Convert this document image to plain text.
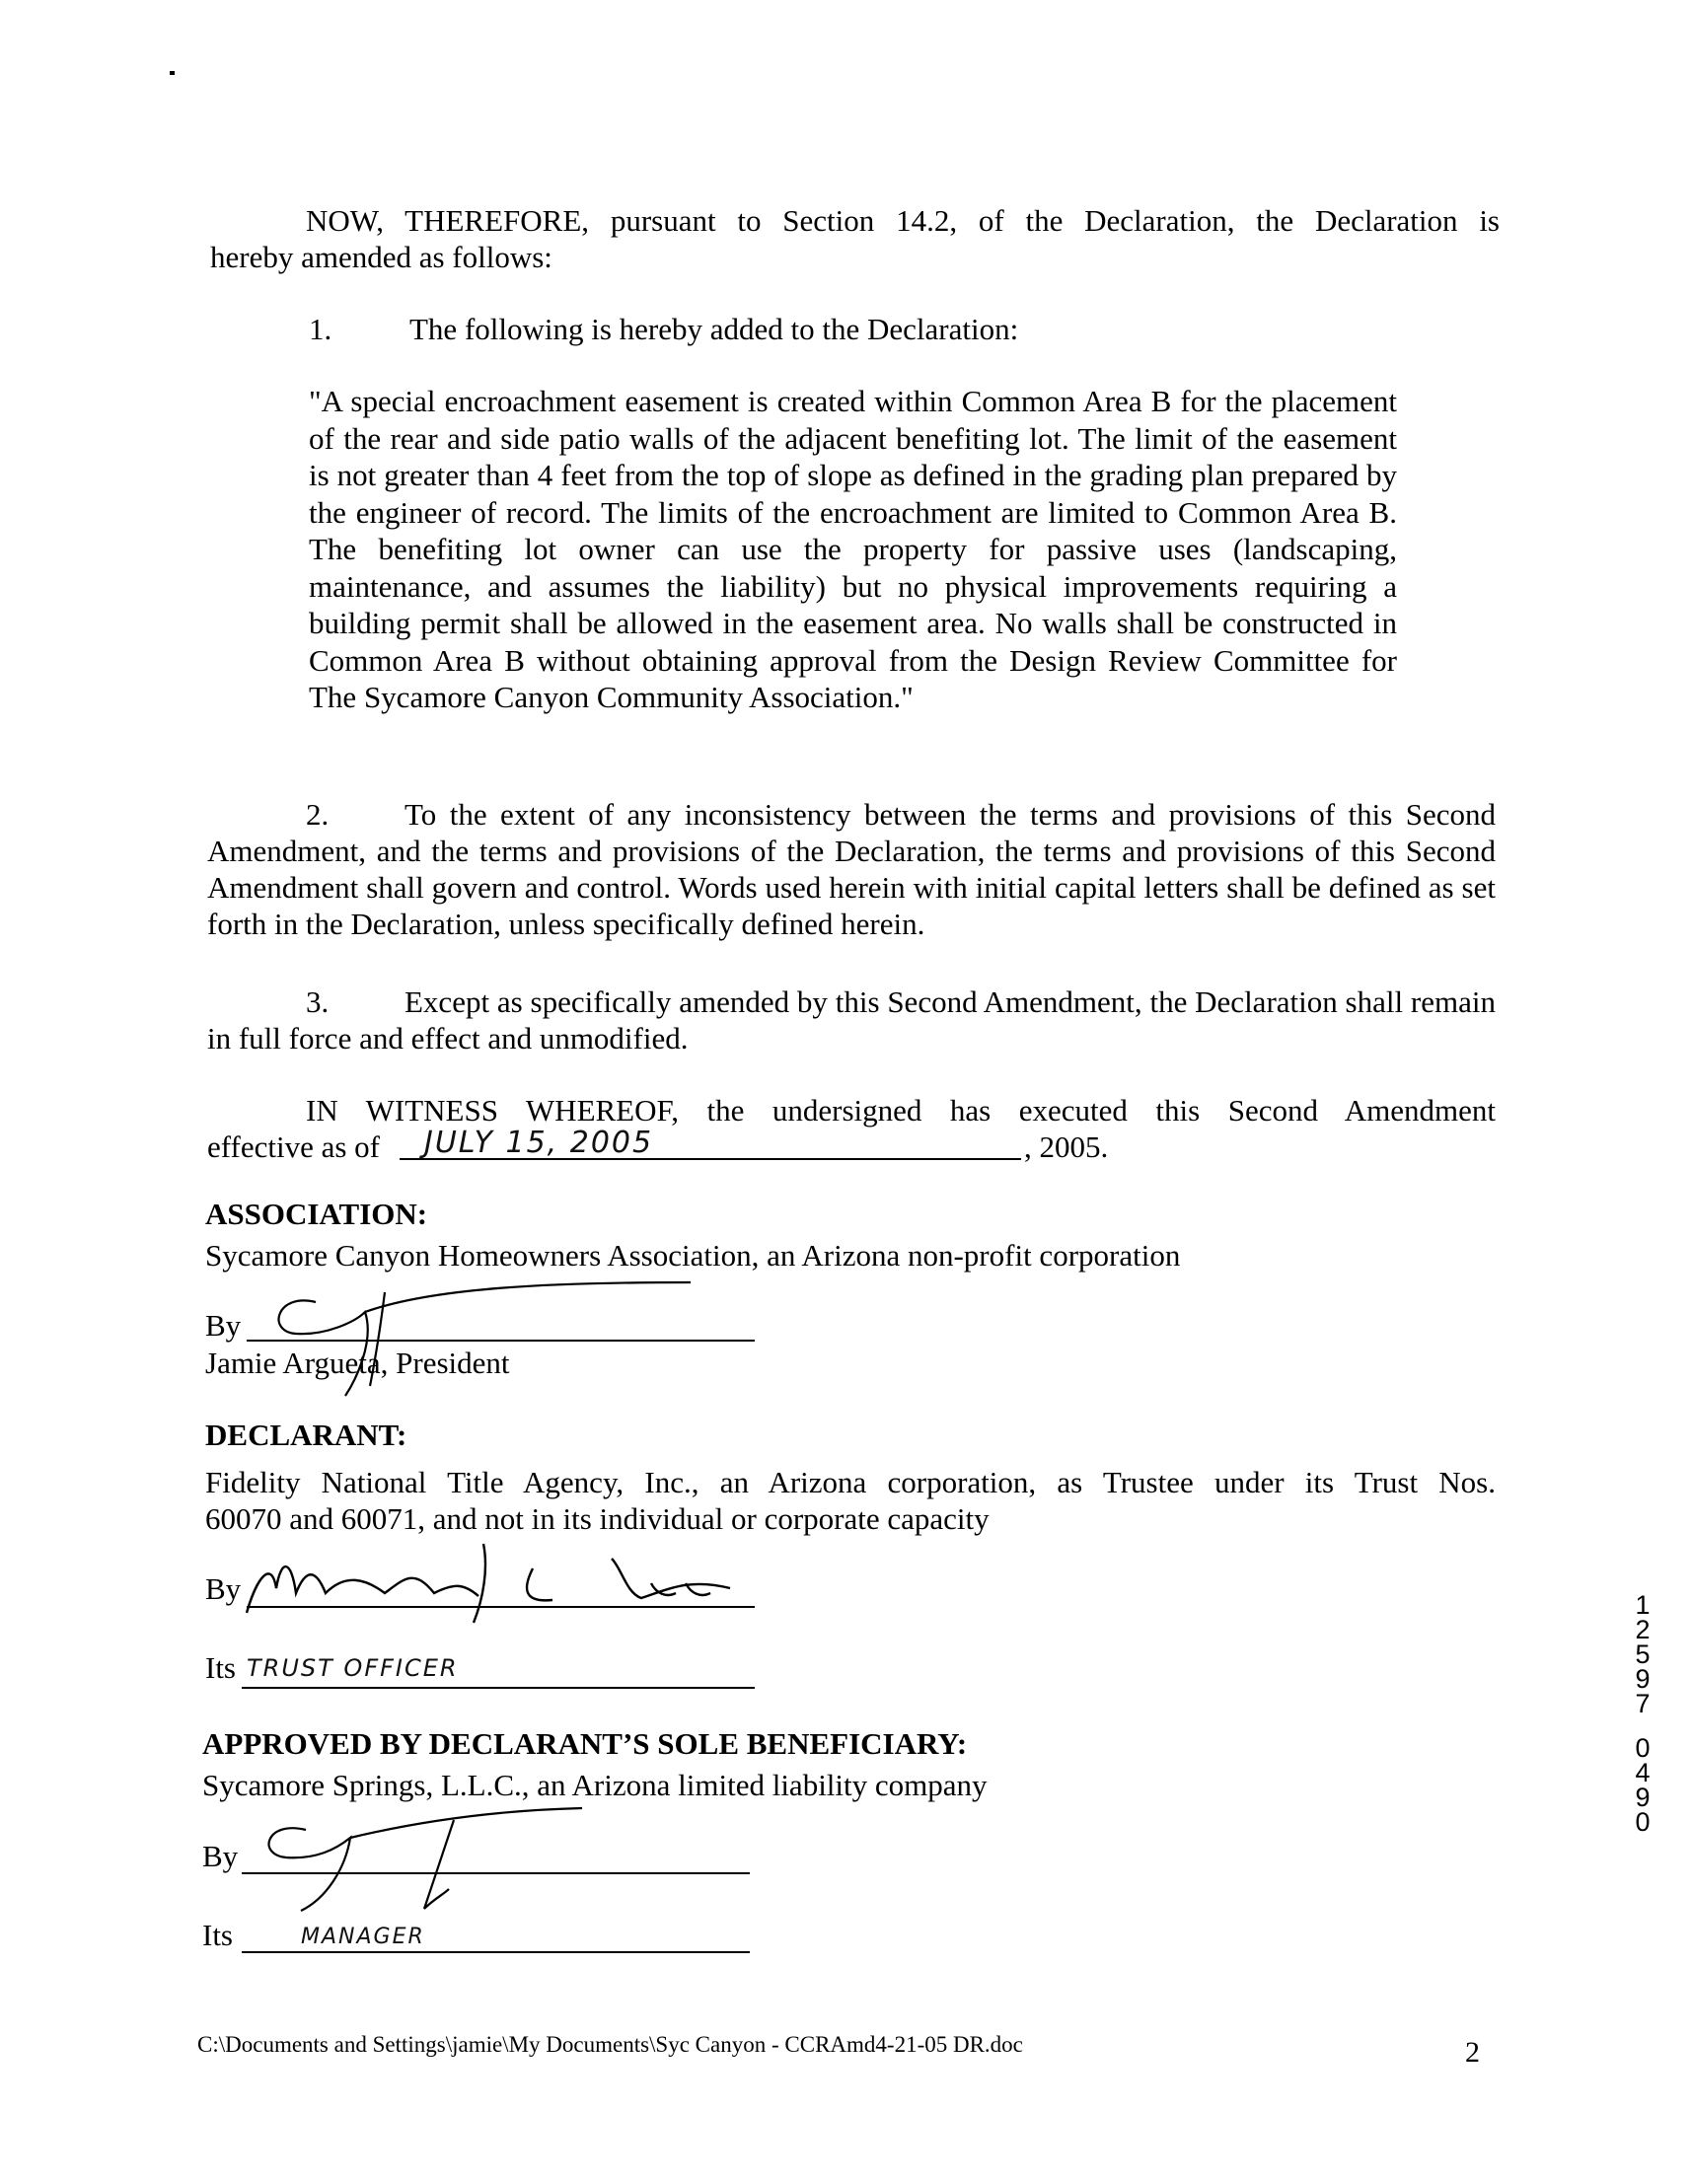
NOW, THEREFORE, pursuant to Section 14.2, of the Declaration, the Declaration is
hereby amended as follows:
1.	The following is hereby added to the Declaration:
"A special encroachment easement is created within Common Area B for the placement of the rear and side patio walls of the adjacent benefiting lot. The limit of the easement is not greater than 4 feet from the top of slope as defined in the grading plan prepared by the engineer of record. The limits of the encroachment are limited to Common Area B. The benefiting lot owner can use the property for passive uses (landscaping, maintenance, and assumes the liability) but no physical improvements requiring a building permit shall be allowed in the easement area. No walls shall be constructed in Common Area B without obtaining approval from the Design Review Committee for The Sycamore Canyon Community Association."
2.	To the extent of any inconsistency between the terms and provisions of this Second Amendment, and the terms and provisions of the Declaration, the terms and provisions of this Second Amendment shall govern and control. Words used herein with initial capital letters shall be defined as set forth in the Declaration, unless specifically defined herein.
3. Except as specifically amended by this Second Amendment, the Declaration shall remain in full force and effect and unmodified.
IN WITNESS WHEREOF, the undersigned has executed this Second Amendment
effective as of JULY 15, 2005	, 2005.
ASSOCIATION:
Sycamore Canyon Homeowners Association, an Arizona non-profit corporation
By
Jamie Argueta, President
DECLARANT:
Fidelity National Title Agency, Inc., an Arizona corporation, as Trustee under its Trust Nos.
60070 and 60071, and not in its individual or corporate capacity
By
Its TRUST OFFICER
APPROVED BY DECLARANT’S SOLE BENEFICIARY:
Sycamore Springs, L.L.C., an Arizona limited liability company
By
Its	MANAGER
12597
0490
C:\Documents and Settings\jamie\My Documents\Syc Canyon - CCRAmd4-21-05 DR.doc	2
